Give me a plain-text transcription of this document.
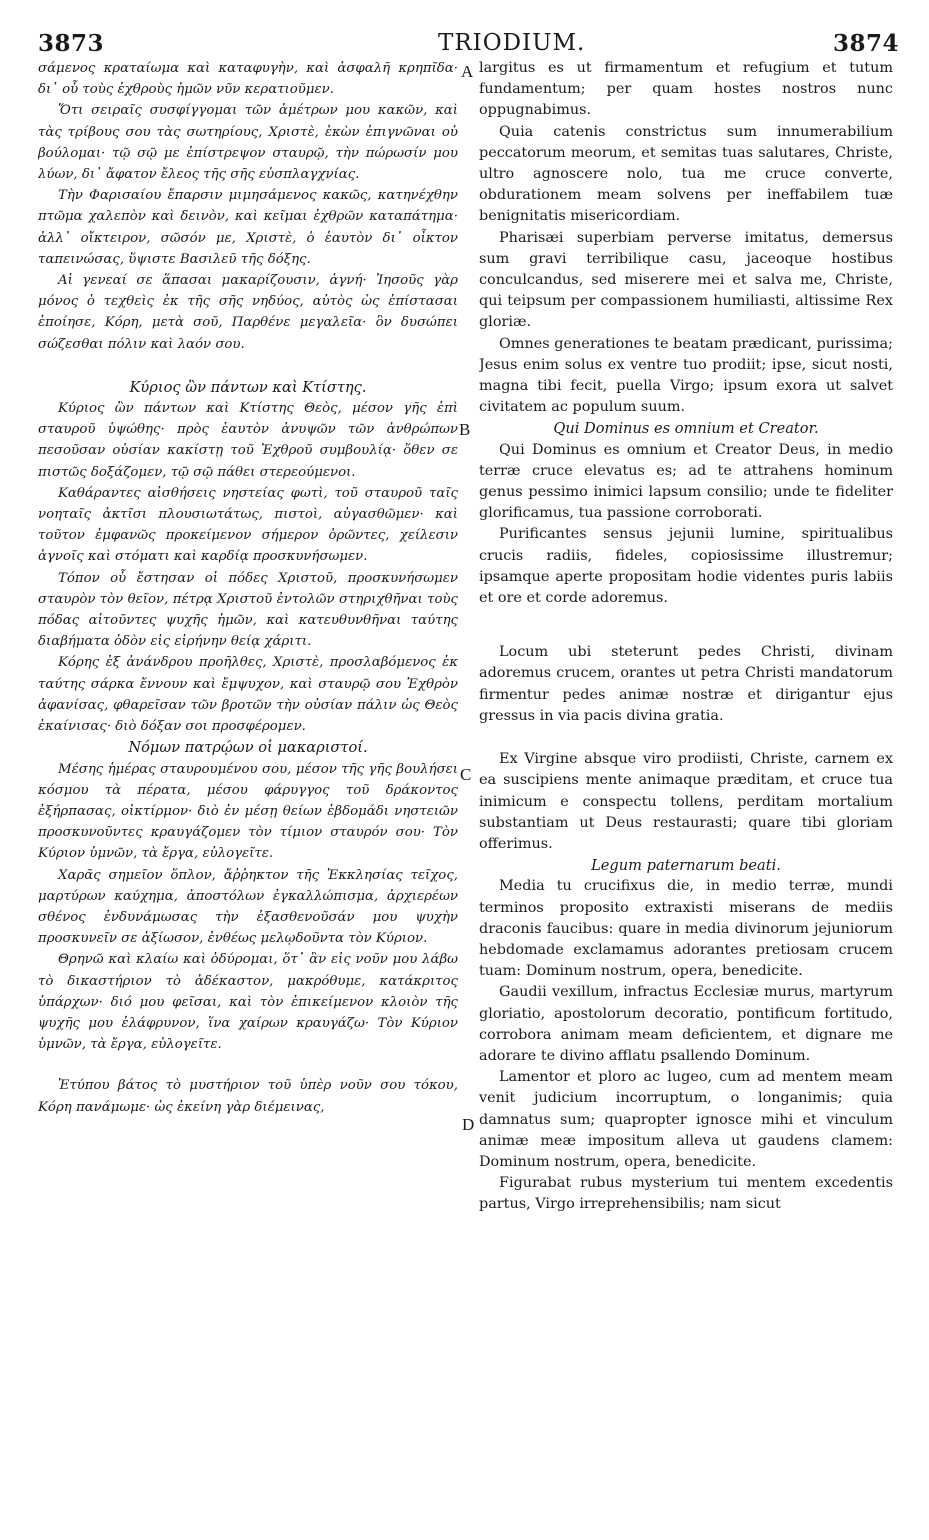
3873	TRIODIUM.	3874
σάμενος κραταίωμα καὶ καταφυγὴν, καὶ ἀσφαλῆ κρηπῖδα· δι᾽ οὗ τοὺς ἐχθροὺς ἡμῶν νῦν κερατιοῦμεν.
Ὅτι σειραῖς συσφίγγομαι τῶν ἀμέτρων μου κακῶν, καὶ τὰς τρίβους σου τὰς σωτηρίους, Χριστὲ, ἑκὼν ἐπιγνῶναι οὐ βούλομαι· τῷ σῷ με ἐπίστρεψον σταυρῷ, τὴν πώρωσίν μου λύων, δι᾽ ἄφατον ἔλεος τῆς σῆς εὐσπλαγχνίας.
Τὴν Φαρισαίου ἔπαρσιν μιμησάμενος κακῶς, κατηνέχθην πτῶμα χαλεπὸν καὶ δεινὸν, καὶ κεῖμαι ἐχθρῶν καταπάτημα· ἀλλ᾽ οἴκτειρον, σῶσόν με, Χριστὲ, ὁ ἑαυτὸν δι᾽ οἶκτον ταπεινώσας, ὕψιστε Βασιλεῦ τῆς δόξης.
Αἱ γενεαί σε ἅπασαι μακαρίζουσιν, ἁγνή· Ἰησοῦς γὰρ μόνος ὁ τεχθεὶς ἐκ τῆς σῆς νηδύος, αὐτὸς ὡς ἐπίστασαι ἐποίησε, Κόρη, μετὰ σοῦ, Παρθένε μεγαλεῖα· ὃν δυσώπει σώζεσθαι πόλιν καὶ λαόν σου.
Κύριος ὢν πάντων καὶ Κτίστης.
Κύριος ὢν πάντων καὶ Κτίστης Θεὸς, μέσον γῆς ἐπὶ σταυροῦ ὑψώθης· πρὸς ἑαυτὸν ἀνυψῶν τῶν ἀνθρώπων πεσοῦσαν οὐσίαν κακίστῃ τοῦ Ἐχθροῦ συμβουλίᾳ· ὅθεν σε πιστῶς δοξάζομεν, τῷ σῷ πάθει στερεούμενοι.
Καθάραντες αἰσθήσεις νηστείας φωτὶ, τοῦ σταυροῦ ταῖς νοηταῖς ἀκτῖσι πλουσιωτάτως, πιστοὶ, αὐγασθῶμεν· καὶ τοῦτον ἐμφανῶς προκείμενον σήμερον ὁρῶντες, χείλεσιν ἁγνοῖς καὶ στόματι καὶ καρδίᾳ προσκυνήσωμεν.
Τόπον οὗ ἔστησαν οἱ πόδες Χριστοῦ, προσκυνήσωμεν σταυρὸν τὸν θεῖον, πέτρᾳ Χριστοῦ ἐντολῶν στηριχθῆναι τοὺς πόδας αἰτοῦντες ψυχῆς ἡμῶν, καὶ κατευθυνθῆναι ταύτης διαβήματα ὁδὸν εἰς εἰρήνην θείᾳ χάριτι.
Κόρης ἐξ ἀνάνδρου προῆλθες, Χριστὲ, προσλαβόμενος ἐκ ταύτης σάρκα ἔννουν καὶ ἔμψυχον, καὶ σταυρῷ σου Ἐχθρὸν ἀφανίσας, φθαρεῖσαν τῶν βροτῶν τὴν οὐσίαν πάλιν ὡς Θεὸς ἐκαίνισας· διὸ δόξαν σοι προσφέρομεν.
Νόμων πατρῴων οἱ μακαριστοί.
Μέσης ἡμέρας σταυρουμένου σου, μέσον τῆς γῆς βουλήσει κόσμου τὰ πέρατα, μέσου φάρυγγος τοῦ δράκοντος ἐξήρπασας, οἰκτίρμον· διὸ ἐν μέσῃ θείων ἑβδομάδι νηστειῶν προσκυνοῦντες κραυγάζομεν τὸν τίμιον σταυρόν σου· Τὸν Κύριον ὑμνῶν, τὰ ἔργα, εὐλογεῖτε.
Χαρᾶς σημεῖον ὅπλον, ἄῤῥηκτον τῆς Ἐκκλησίας τεῖχος, μαρτύρων καύχημα, ἀποστόλων ἐγκαλλώπισμα, ἀρχιερέων σθένος ἐνδυνάμωσας τὴν ἐξασθενοῦσάν μου ψυχὴν προσκυνεῖν σε ἀξίωσον, ἐνθέως μελῳδοῦντα τὸν Κύριον.
Θρηνῶ καὶ κλαίω καὶ ὀδύρομαι, ὅτ᾽ ἂν εἰς νοῦν μου λάβω τὸ δικαστήριον τὸ ἀδέκαστον, μακρόθυμε, κατάκριτος ὑπάρχων· διό μου φεῖσαι, καὶ τὸν ἐπικείμενον κλοιὸν τῆς ψυχῆς μου ἐλάφρυνον, ἵνα χαίρων κραυγάζω· Τὸν Κύριον ὑμνῶν, τὰ ἔργα, εὐλογεῖτε.
Ἐτύπου βάτος τὸ μυστήριον τοῦ ὑπὲρ νοῦν σου τόκου, Κόρη πανάμωμε· ὡς ἐκείνη γὰρ διέμεινας,
largitus es ut firmamentum et refugium et tutum fundamentum; per quam hostes nostros nunc oppugnabimus.
Quia catenis constrictus sum innumerabilium peccatorum meorum, et semitas tuas salutares, Christe, ultro agnoscere nolo, tua me cruce converte, obdurationem meam solvens per ineffabilem tuæ benignitatis misericordiam.
Pharisæi superbiam perverse imitatus, demersus sum gravi terribilique casu, jaceoque hostibus conculcandus, sed miserere mei et salva me, Christe, qui teipsum per compassionem humiliasti, altissime Rex gloriæ.
Omnes generationes te beatam prædicant, purissima; Jesus enim solus ex ventre tuo prodiit; ipse, sicut nosti, magna tibi fecit, puella Virgo; ipsum exora ut salvet civitatem ac populum suum.
Qui Dominus es omnium et Creator.
Qui Dominus es omnium et Creator Deus, in medio terræ cruce elevatus es; ad te attrahens hominum genus pessimo inimici lapsum consilio; unde te fideliter glorificamus, tua passione corroborati.
Purificantes sensus jejunii lumine, spiritualibus crucis radiis, fideles, copiosissime illustremur; ipsamque aperte propositam hodie videntes puris labiis et ore et corde adoremus.
Locum ubi steterunt pedes Christi, divinam adoremus crucem, orantes ut petra Christi mandatorum firmentur pedes animæ nostræ et dirigantur ejus gressus in via pacis divina gratia.
Ex Virgine absque viro prodiisti, Christe, carnem ex ea suscipiens mente animaque præditam, et cruce tua inimicum e conspectu tollens, perditam mortalium substantiam ut Deus restaurasti; quare tibi gloriam offerimus.
Legum paternarum beati.
Media tu crucifixus die, in medio terræ, mundi terminos proposito extraxisti miserans de mediis draconis faucibus: quare in media divinorum jejuniorum hebdomade exclamamus adorantes pretiosam crucem tuam: Dominum nostrum, opera, benedicite.
Gaudii vexillum, infractus Ecclesiæ murus, martyrum gloriatio, apostolorum decoratio, pontificum fortitudo, corrobora animam meam deficientem, et dignare me adorare te divino afflatu psallendo Dominum.
Lamentor et ploro ac lugeo, cum ad mentem meam venit judicium incorruptum, o longanimis; quia damnatus sum; quapropter ignosce mihi et vinculum animæ meæ impositum alleva ut gaudens clamem: Dominum nostrum, opera, benedicite.
Figurabat rubus mysterium tui mentem excedentis partus, Virgo irreprehensibilis; nam sicut
A
B
C
D
